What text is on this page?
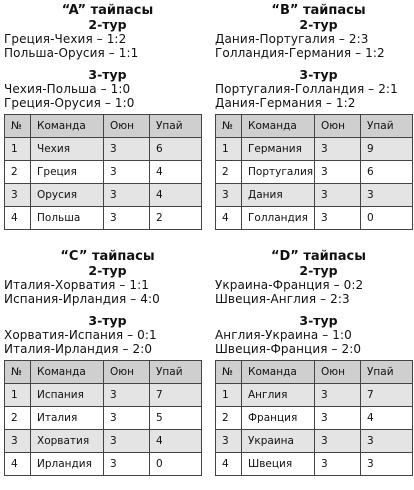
“A” тайпасы
2-тур
Греция-Чехия – 1:2
Польша-Орусия – 1:1
3-тур
Чехия-Польша – 1:0
Греция-Орусия – 1:0
№	Команда	Оюн	Упай
1	Чехия	3	6
2	Греция	3	4
3	Орусия	3	4
4	Польша	3	2
“B” тайпасы
2-тур
Дания-Португалия – 2:3
Голландия-Германия – 1:2
3-тур
Португалия-Голландия – 2:1
Дания-Германия – 1:2
№	Команда	Оюн	Упай
1	Германия	3	9
2	Португалия	3	6
3	Дания	3	3
4	Голландия	3	0
“C” тайпасы
2-тур
Италия-Хорватия – 1:1
Испания-Ирландия – 4:0
3-тур
Хорватия-Испания – 0:1
Италия-Ирландия – 2:0
№	Команда	Оюн	Упай
1	Испания	3	7
2	Италия	3	5
3	Хорватия	3	4
4	Ирландия	3	0
“D” тайпасы
2-тур
Украина-Франция – 0:2
Швеция-Англия – 2:3
3-тур
Англия-Украина – 1:0
Швеция-Франция – 2:0
№	Команда	Оюн	Упай
1	Англия	3	7
2	Франция	3	4
3	Украина	3	3
4	Швеция	3	3
